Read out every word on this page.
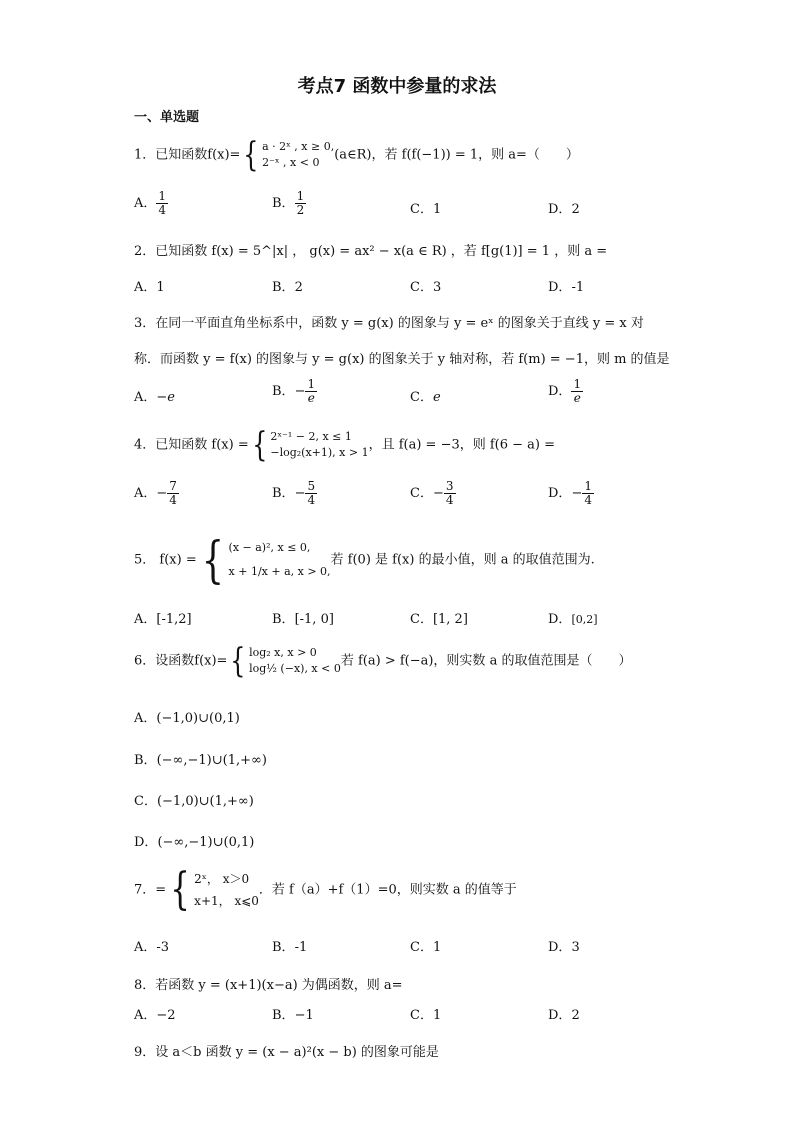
考点7 函数中参量的求法
一、单选题
1．已知函数f(x)={ a · 2ˣ , x ≥ 0,
2⁻ˣ , x < 0	(a∈R)，若 f(f(−1)) = 1，则 a=（　　）
A． $\frac{1}{4}$	B． $\frac{1}{2}$	C．1	D．2
2．已知函数 f(x) = 5^|x| ， g(x) = ax² − x(a ∈ R) ，若 f[g(1)] = 1 ，则 a =
A．1	B．2	C．3	D．-1
3．在同一平面直角坐标系中，函数 y = g(x) 的图象与 y = eˣ 的图象关于直线 y = x 对
称．而函数 y = f(x) 的图象与 y = g(x) 的图象关于 y 轴对称，若 f(m) = −1，则 m 的值是
A．−e	B．− $\frac{1}{e}$	C．e	D． $\frac{1}{e}$
4．已知函数 f(x) ={ 2ˣ⁻¹ − 2, x ≤ 1
−log₂(x+1), x > 1 ，且 f(a) = −3，则 f(6 − a) =
A．− $\frac{7}{4}$	B．− $\frac{5}{4}$	C．− $\frac{3}{4}$	D．− $\frac{1}{4}$
5． f(x) ={ (x − a)², x ≤ 0,
x + 1/x + a, x > 0,
若 f(0) 是 f(x) 的最小值，则 a 的取值范围为.
A．[-1,2]	B．[-1, 0]	C．[1, 2]	D．[0,2]
6．设函数f(x)={ log₂ x, x > 0
log½ (−x), x < 0 若 f(a) > f(−a)，则实数 a 的取值范围是（　　）
A．(−1,0)∪(0,1)
B．(−∞,−1)∪(1,+∞)
C．(−1,0)∪(1,+∞)
D．(−∞,−1)∪(0,1)
7．={ 2ˣ， x＞0
x+1， x⩽0
．若 f（a）+f（1）=0，则实数 a 的值等于
A．-3	B．-1	C．1	D．3
8．若函数 y = (x+1)(x−a) 为偶函数，则 a=
A．−2	B．−1	C．1	D．2
9．设 a＜b 函数 y = (x − a)²(x − b) 的图象可能是
